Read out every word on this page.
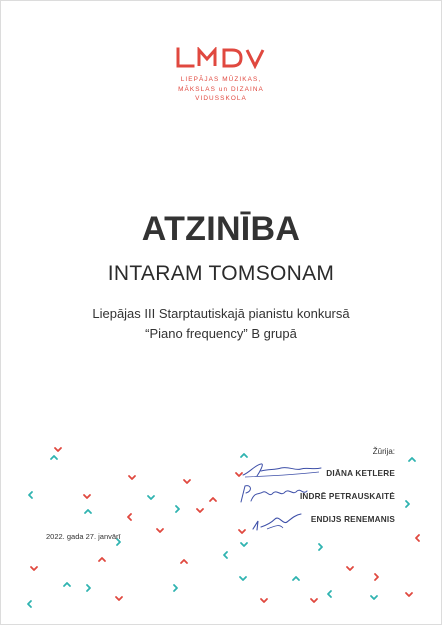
LIEPĀJAS MŪZIKAS,
MĀKSLAS un DIZAINA
VIDUSSKOLA
ATZINĪBA
INTARAM TOMSONAM
Liepājas III Starptautiskajā pianistu konkursā
“Piano frequency” B grupā
Žūrija:
DIĀNA KETLERE
INDRĒ PETRAUSKAITĖ
ENDIJS RENEMANIS
2022. gada 27. janvārī
